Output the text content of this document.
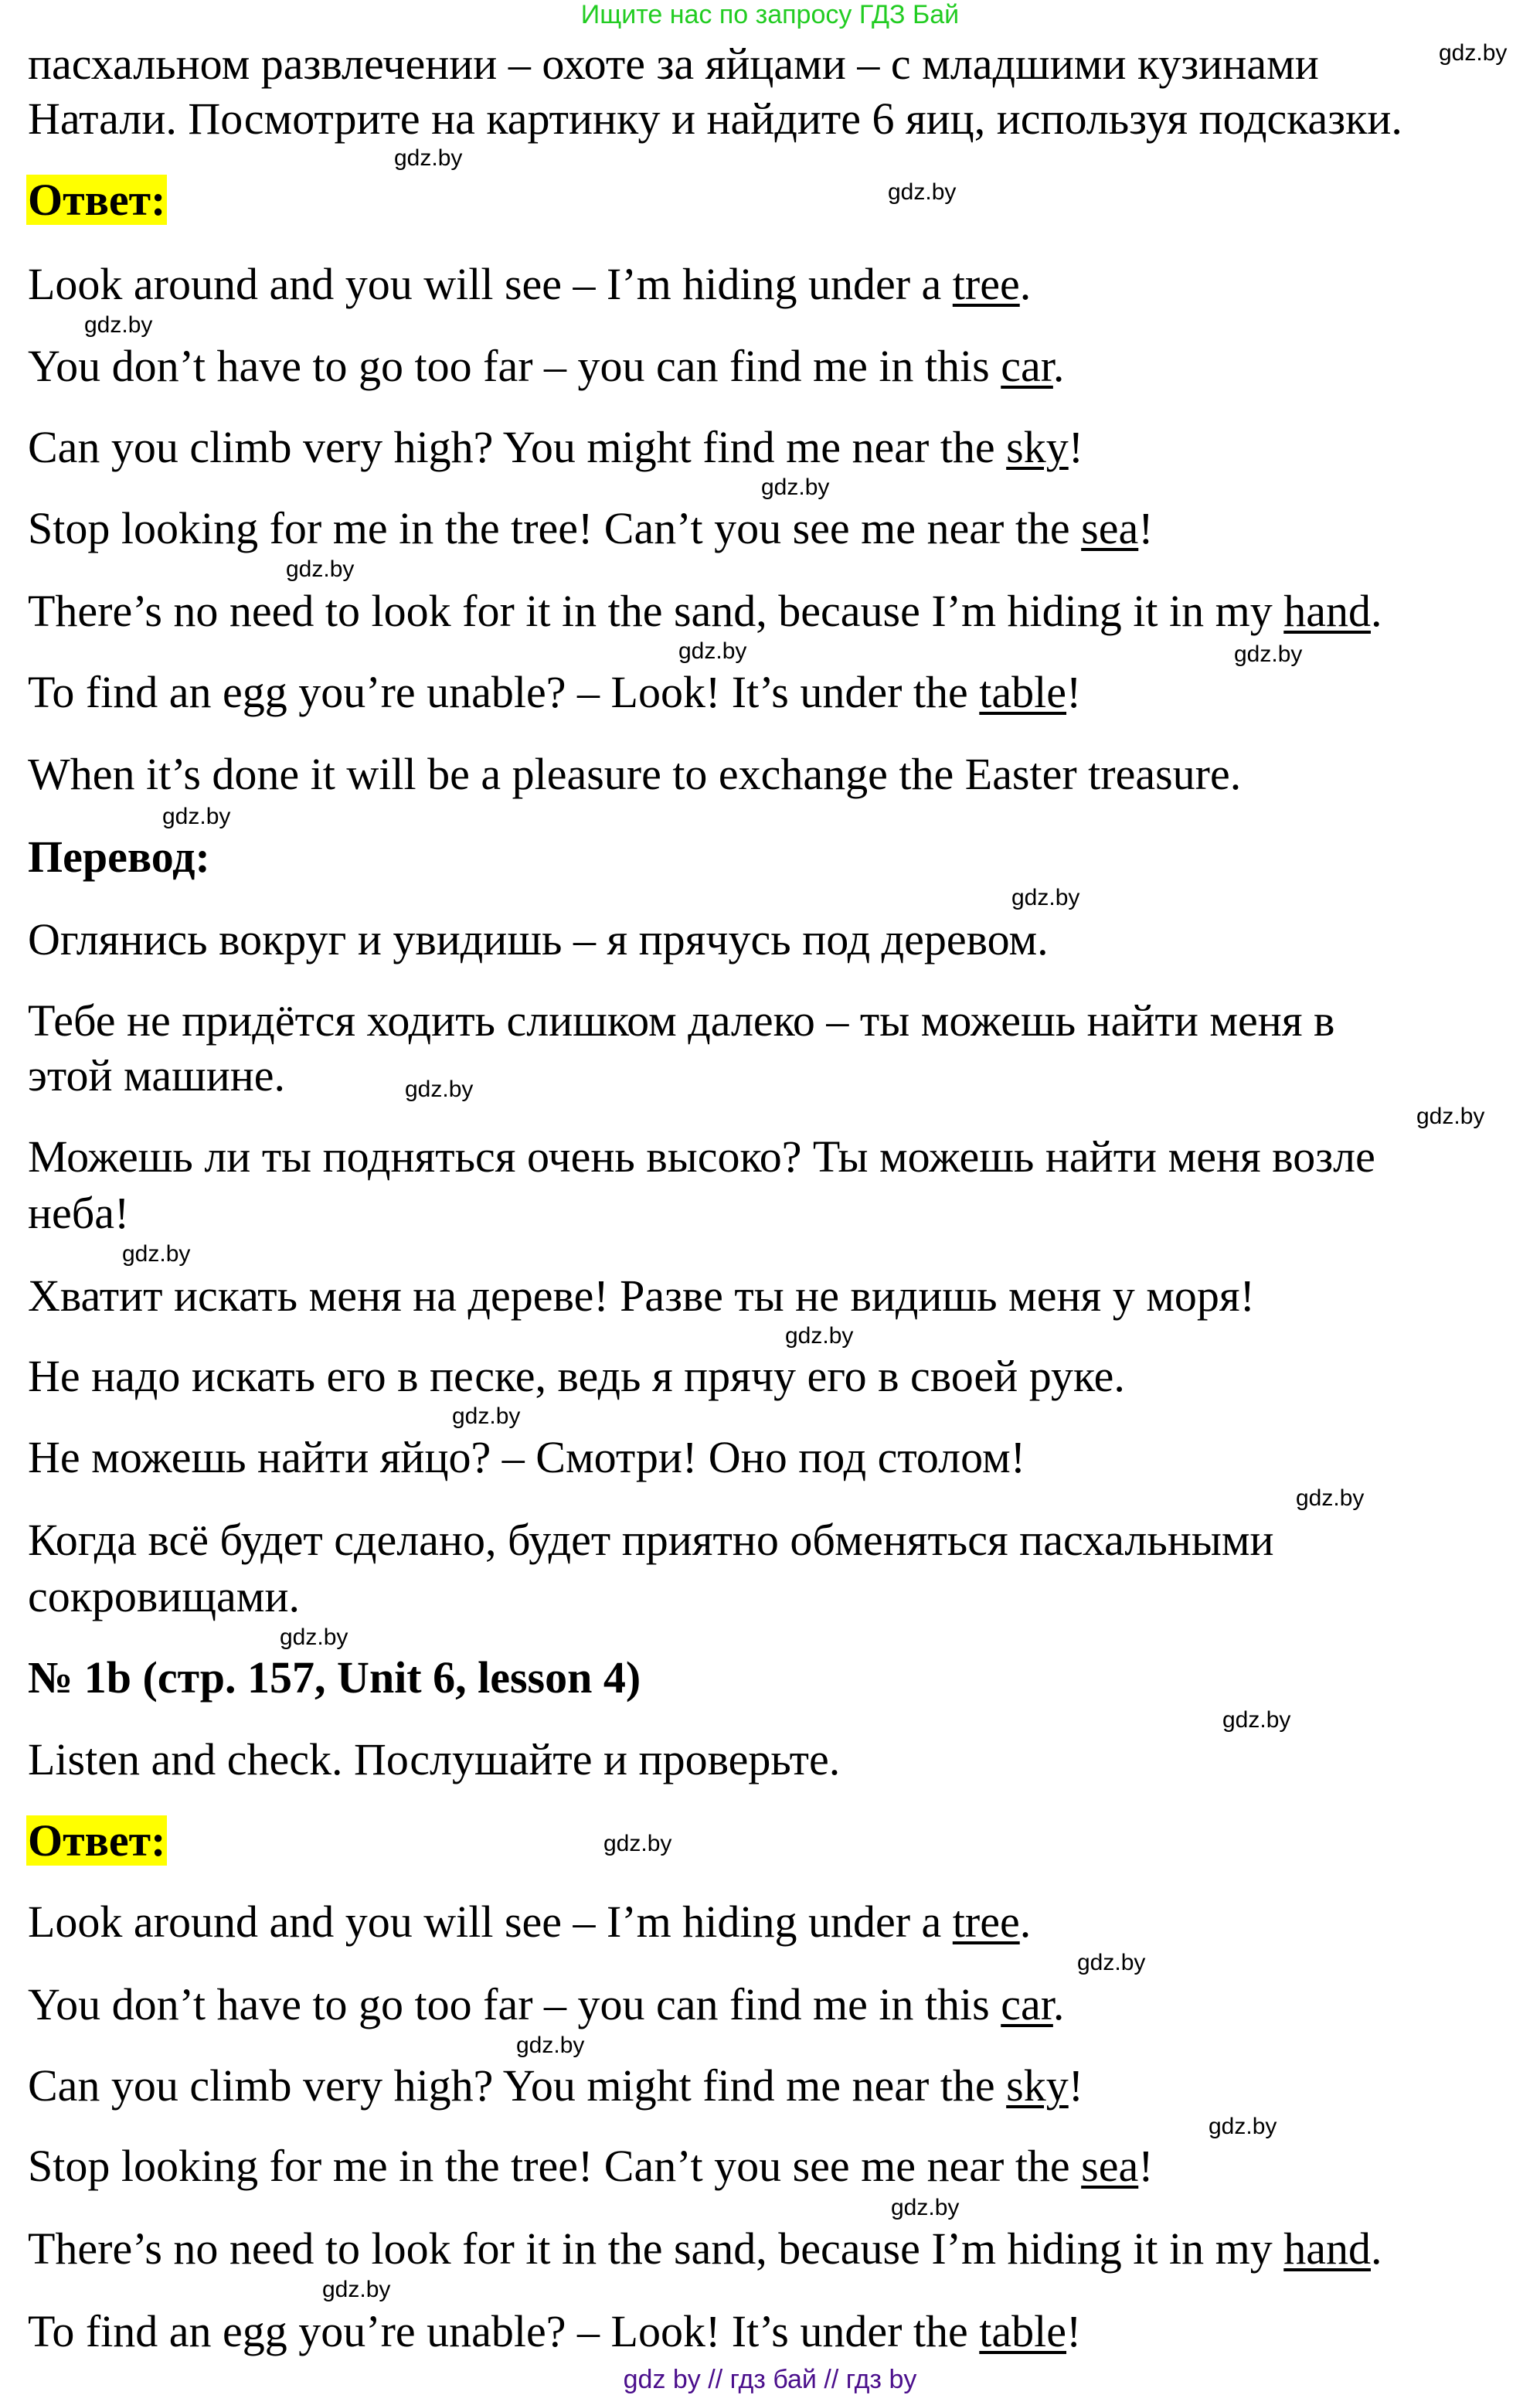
Ищите нас по запросу ГДЗ Бай
пасхальном развлечении – охоте за яйцами – с младшими кузинами
Натали. Посмотрите на картинку и найдите 6 яиц, используя подсказки.
Ответ:
Look around and you will see – I’m hiding under a tree.
You don’t have to go too far – you can find me in this car.
Can you climb very high? You might find me near the sky!
Stop looking for me in the tree! Can’t you see me near the sea!
There’s no need to look for it in the sand, because I’m hiding it in my hand.
To find an egg you’re unable? – Look! It’s under the table!
When it’s done it will be a pleasure to exchange the Easter treasure.
Перевод:
Оглянись вокруг и увидишь – я прячусь под деревом.
Тебе не придётся ходить слишком далеко – ты можешь найти меня в
этой машине.
Можешь ли ты подняться очень высоко? Ты можешь найти меня возле
неба!
Хватит искать меня на дереве! Разве ты не видишь меня у моря!
Не надо искать его в песке, ведь я прячу его в своей руке.
Не можешь найти яйцо? – Смотри! Оно под столом!
Когда всё будет сделано, будет приятно обменяться пасхальными
сокровищами.
№ 1b (стр. 157, Unit 6, lesson 4)
Listen and check. Послушайте и проверьте.
Ответ:
Look around and you will see – I’m hiding under a tree.
You don’t have to go too far – you can find me in this car.
Can you climb very high? You might find me near the sky!
Stop looking for me in the tree! Can’t you see me near the sea!
There’s no need to look for it in the sand, because I’m hiding it in my hand.
To find an egg you’re unable? – Look! It’s under the table!
gdz.by
gdz.by
gdz.by
gdz.by
gdz.by
gdz.by
gdz.by	gdz.by
gdz.by
gdz.by
gdz.by
gdz.by
gdz.by
gdz.by
gdz.by
gdz.by
gdz.by
gdz.by
gdz.by
gdz.by
gdz.by
gdz.by
gdz.by
gdz.by
gdz by // гдз бай // гдз by
